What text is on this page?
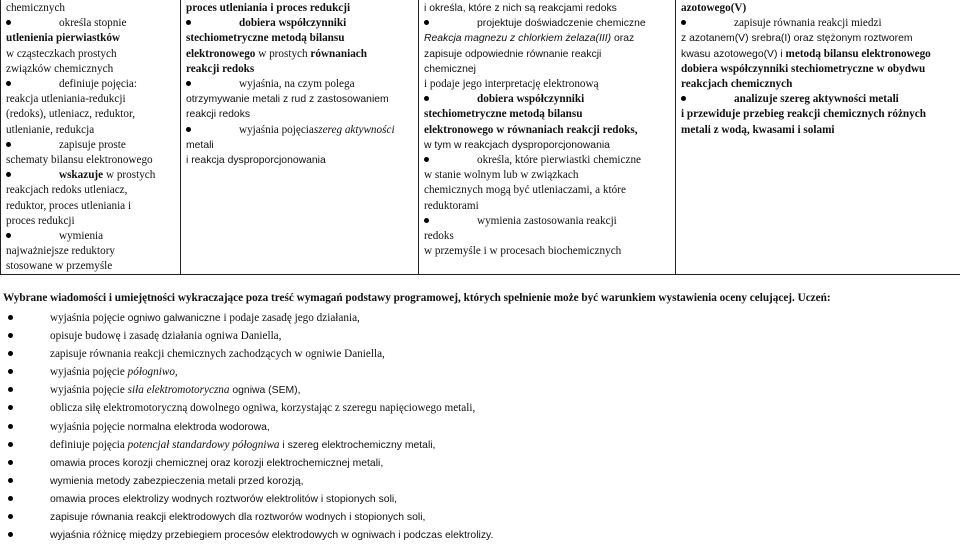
chemicznych
określa stopnie
utlenienia pierwiastków
w cząsteczkach prostych
związków chemicznych
definiuje pojęcia:
reakcja utleniania-redukcji
(redoks), utleniacz, reduktor,
utlenianie, redukcja
zapisuje proste
schematy bilansu elektronowego
wskazuje w prostych
reakcjach redoks utleniacz,
reduktor, proces utleniania i
proces redukcji
wymienia
najważniejsze reduktory
stosowane w przemyśle
proces utleniania i proces redukcji
dobiera współczynniki
stechiometryczne metodą bilansu
elektronowego w prostych równaniach
reakcji redoks
wyjaśnia, na czym polega
otrzymywanie metali z rud z zastosowaniem
reakcji redoks
wyjaśnia pojęciaszereg aktywności
metali
i reakcja dysproporcjonowania
i określa, które z nich są reakcjami redoks
projektuje doświadczenie chemiczne
Reakcja magnezu z chlorkiem żelaza(III) oraz
zapisuje odpowiednie równanie reakcji
chemicznej
i podaje jego interpretację elektronową
dobiera współczynniki
stechiometryczne metodą bilansu
elektronowego w równaniach reakcji redoks,
w tym w reakcjach dysproporcjonowania
określa, które pierwiastki chemiczne
w stanie wolnym lub w związkach
chemicznych mogą być utleniaczami, a które
reduktorami
wymienia zastosowania reakcji
redoks
w przemyśle i w procesach biochemicznych
azotowego(V)
zapisuje równania reakcji miedzi
z azotanem(V) srebra(I) oraz stężonym roztworem
kwasu azotowego(V) i metodą bilansu elektronowego
dobiera współczynniki stechiometryczne w obydwu
reakcjach chemicznych
analizuje szereg aktywności metali
i przewiduje przebieg reakcji chemicznych różnych
metali z wodą, kwasami i solami
Wybrane wiadomości i umiejętności wykraczające poza treść wymagań podstawy programowej, których spełnienie może być warunkiem wystawienia oceny celującej. Uczeń:
wyjaśnia pojęcie ogniwo galwaniczne i podaje zasadę jego działania,
opisuje budowę i zasadę działania ogniwa Daniella,
zapisuje równania reakcji chemicznych zachodzących w ogniwie Daniella,
wyjaśnia pojęcie półogniwo,
wyjaśnia pojęcie siła elektromotoryczna ogniwa (SEM),
oblicza siłę elektromotoryczną dowolnego ogniwa, korzystając z szeregu napięciowego metali,
wyjaśnia pojęcie normalna elektroda wodorowa,
definiuje pojęcia potencjał standardowy półogniwa i szereg elektrochemiczny metali,
omawia proces korozji chemicznej oraz korozji elektrochemicznej metali,
wymienia metody zabezpieczenia metali przed korozją,
omawia proces elektrolizy wodnych roztworów elektrolitów i stopionych soli,
zapisuje równania reakcji elektrodowych dla roztworów wodnych i stopionych soli,
wyjaśnia różnicę między przebiegiem procesów elektrodowych w ogniwach i podczas elektrolizy.
